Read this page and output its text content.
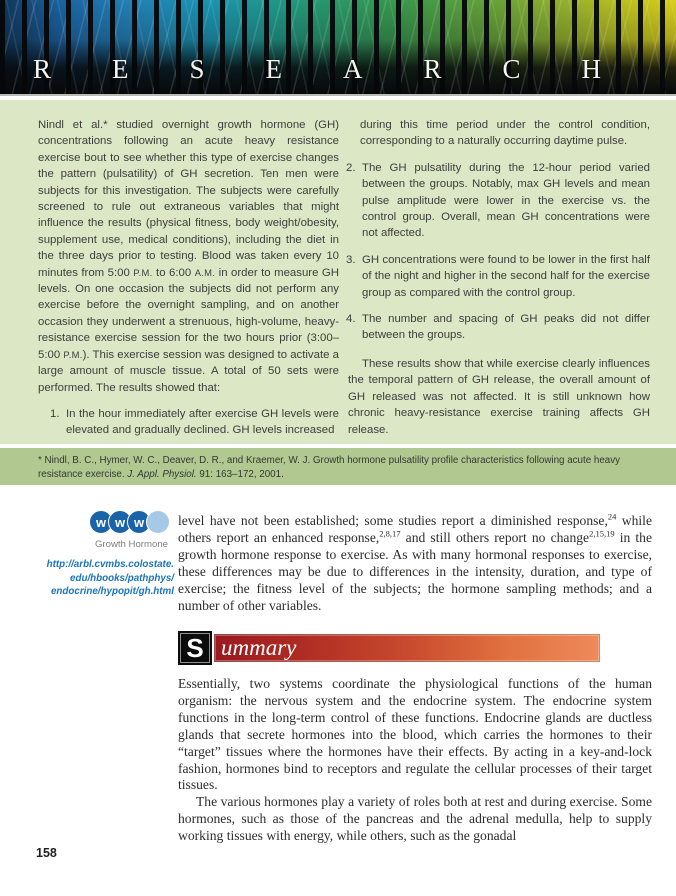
R E S E A R C H

Nindl et al.* studied overnight growth hormone (GH) concentrations following an acute heavy resistance exercise bout to see whether this type of exercise changes the pattern (pulsatility) of GH secretion. Ten men were subjects for this investigation. The subjects were carefully screened to rule out extraneous variables that might influence the results (physical fitness, body weight/obesity, supplement use, medical conditions), including the diet in the three days prior to testing. Blood was taken every 10 minutes from 5:00 P.M. to 6:00 A.M. in order to measure GH levels. On one occasion the subjects did not perform any exercise before the overnight sampling, and on another occasion they underwent a strenuous, high-volume, heavy-resistance exercise session for the two hours prior (3:00–5:00 P.M.). This exercise session was designed to activate a large amount of muscle tissue. A total of 50 sets were performed. The results showed that:

1. In the hour immediately after exercise GH levels were elevated and gradually declined. GH levels increased

during this time period under the control condition, corresponding to a naturally occurring daytime pulse.

2. The GH pulsatility during the 12-hour period varied between the groups. Notably, max GH levels and mean pulse amplitude were lower in the exercise vs. the control group. Overall, mean GH concentrations were not affected.
3. GH concentrations were found to be lower in the first half of the night and higher in the second half for the exercise group as compared with the control group.
4. The number and spacing of GH peaks did not differ between the groups.

These results show that while exercise clearly influences the temporal pattern of GH release, the overall amount of GH released was not affected. It is still unknown how chronic heavy-resistance exercise training affects GH release.

* Nindl, B. C., Hymer, W. C., Deaver, D. R., and Kraemer, W. J. Growth hormone pulsatility profile characteristics following acute heavy resistance exercise. J. Appl. Physiol. 91: 163–172, 2001.

w w w
Growth Hormone
http://arbl.cvmbs.colostate.
edu/hbooks/pathphys/
endocrine/hypopit/gh.html

level have not been established; some studies report a diminished response,$^{24}$ while others report an enhanced response,$^{2,8,17}$ and still others report no change$^{2,15,19}$ in the growth hormone response to exercise. As with many hormonal responses to exercise, these differences may be due to differences in the intensity, duration, and type of exercise; the fitness level of the subjects; the hormone sampling methods; and a number of other variables.

S ummary

Essentially, two systems coordinate the physiological functions of the human organism: the nervous system and the endocrine system. The endocrine system functions in the long-term control of these functions. Endocrine glands are ductless glands that secrete hormones into the blood, which carries the hormones to their “target” tissues where the hormones have their effects. By acting in a key-and-lock fashion, hormones bind to receptors and regulate the cellular processes of their target tissues.

The various hormones play a variety of roles both at rest and during exercise. Some hormones, such as those of the pancreas and the adrenal medulla, help to supply working tissues with energy, while others, such as the gonadal

158
